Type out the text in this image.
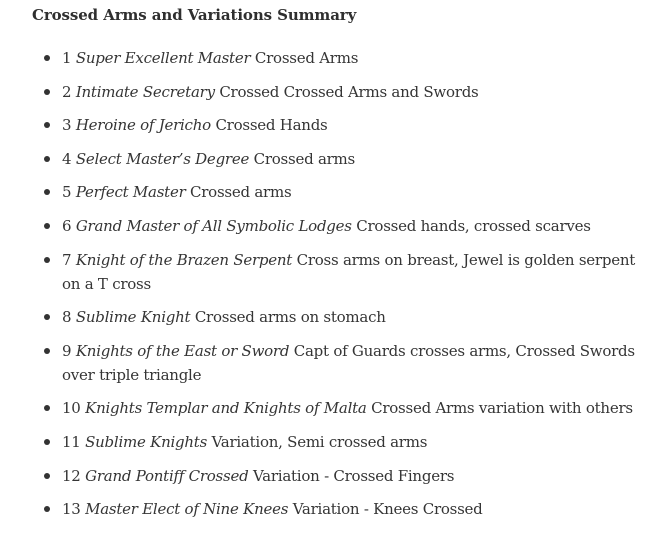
Crossed Arms and Variations Summary
1 Super Excellent Master Crossed Arms
2 Intimate Secretary Crossed Crossed Arms and Swords
3 Heroine of Jericho Crossed Hands
4 Select Master’s Degree Crossed arms
5 Perfect Master Crossed arms
6 Grand Master of All Symbolic Lodges Crossed hands, crossed scarves
7 Knight of the Brazen Serpent Cross arms on breast, Jewel is golden serpent on a T cross
8 Sublime Knight Crossed arms on stomach
9 Knights of the East or Sword Capt of Guards crosses arms, Crossed Swords over triple triangle
10 Knights Templar and Knights of Malta Crossed Arms variation with others
11 Sublime Knights Variation, Semi crossed arms
12 Grand Pontiff Crossed Variation - Crossed Fingers
13 Master Elect of Nine Knees Variation - Knees Crossed
